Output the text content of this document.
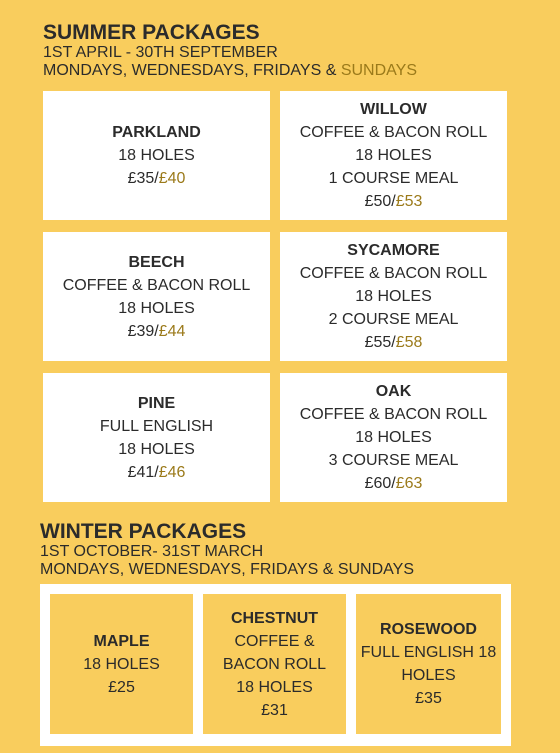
SUMMER PACKAGES
1ST APRIL - 30TH SEPTEMBER
MONDAYS, WEDNESDAYS, FRIDAYS & SUNDAYS
PARKLAND
18 HOLES
£35/£40
WILLOW
COFFEE & BACON ROLL
18 HOLES
1 COURSE MEAL
£50/£53
BEECH
COFFEE & BACON ROLL
18 HOLES
£39/£44
SYCAMORE
COFFEE & BACON ROLL
18 HOLES
2 COURSE MEAL
£55/£58
PINE
FULL ENGLISH
18 HOLES
£41/£46
OAK
COFFEE & BACON ROLL
18 HOLES
3 COURSE MEAL
£60/£63
WINTER PACKAGES
1ST OCTOBER- 31ST MARCH
MONDAYS, WEDNESDAYS, FRIDAYS & SUNDAYS
MAPLE
18 HOLES
£25
CHESTNUT
COFFEE &
BACON ROLL
18 HOLES
£31
ROSEWOOD
FULL ENGLISH 18
HOLES
£35
